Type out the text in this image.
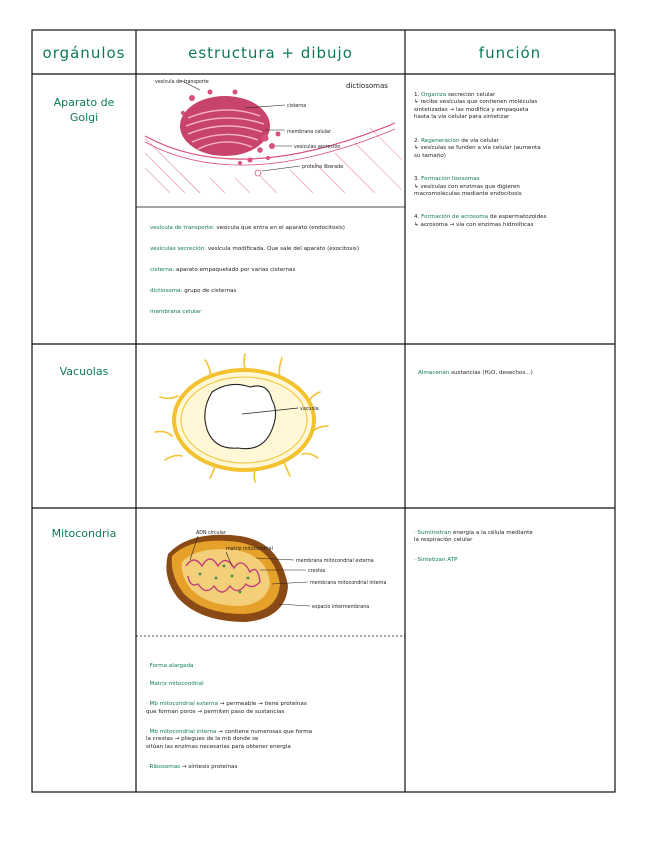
orgánulos	estructura + dibujo	función
Aparato de
Golgi
Vacuolas
Mitocondria
vesícula de transporte
cisterna
membrana celular
vesículas secreción
proteína liberada
dictiosomas

vesícula de transporte: vesícula que entra en el aparato (endocitosis)

vesículas secreción: vesícula modificada. Que sale del aparato (exocitosis)

cisterna: aparato empaquetado por varias cisternas

dictiosoma: grupo de cisternas

membrana celular

1. Organiza secreción celular
↳ recibe vesículas que contienen moléculas
sintetizadas → las modifica y empaqueta
hasta la vía celular para sintetizar

2. Regeneración de vía celular
↳ vesículas se funden a vía celular (aumenta
su tamaño)

3. Formación lisosomas
↳ vesículas con enzimas que digieren
macromoléculas mediante endocitosis

4. Formación de acrosoma de espermatozoides
↳ acrosoma → vía con enzimas hidrolíticas

vacuola

Almacenan sustancias (H₂O, desechos...)

ADN circular
matriz mitocondrial
membrana mitocondrial externa
crestas
membrana mitocondrial interna
espacio intermembrana

· Forma alargada

· Matriz mitocondrial

· Mb mitocondrial externa → permeable → tiene proteínas
que forman poros → permiten paso de sustancias

· Mb mitocondrial interna → contiene numerosas que forma
la crestas → pliegues de la mb donde se
sitúan las enzimas necesarias para obtener energía

· Ribosomas → síntesis proteínas

· Suministran energía a la célula mediante
la respiración celular

· Sintetizan ATP
